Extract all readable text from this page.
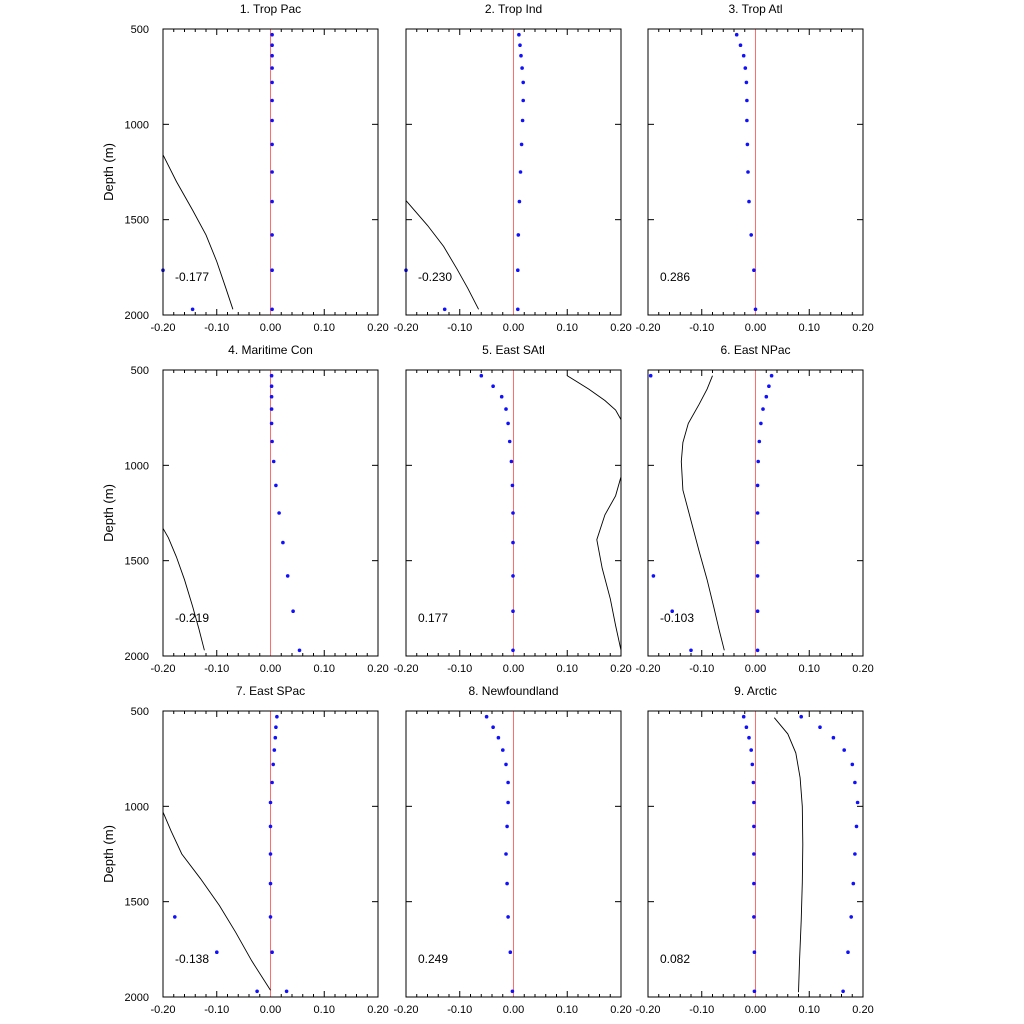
1. Trop Pac
-0.177
-0.20	-0.10	0.00	0.10	0.20
500
1000
1500
2000
Depth (m)
2. Trop Ind
-0.230
-0.20	-0.10	0.00	0.10	0.20
3. Trop Atl
0.286
-0.20	-0.10	0.00	0.10	0.20
4. Maritime Con
-0.219
-0.20	-0.10	0.00	0.10	0.20
500
1000
1500
2000
Depth (m)
5. East SAtl
0.177
-0.20	-0.10	0.00	0.10	0.20
6. East NPac
-0.103
-0.20	-0.10	0.00	0.10	0.20
7. East SPac
-0.138
-0.20	-0.10	0.00	0.10	0.20
500
1000
1500
2000
Depth (m)
8. Newfoundland
0.249
-0.20	-0.10	0.00	0.10	0.20
9. Arctic
0.082
-0.20	-0.10	0.00	0.10	0.20
